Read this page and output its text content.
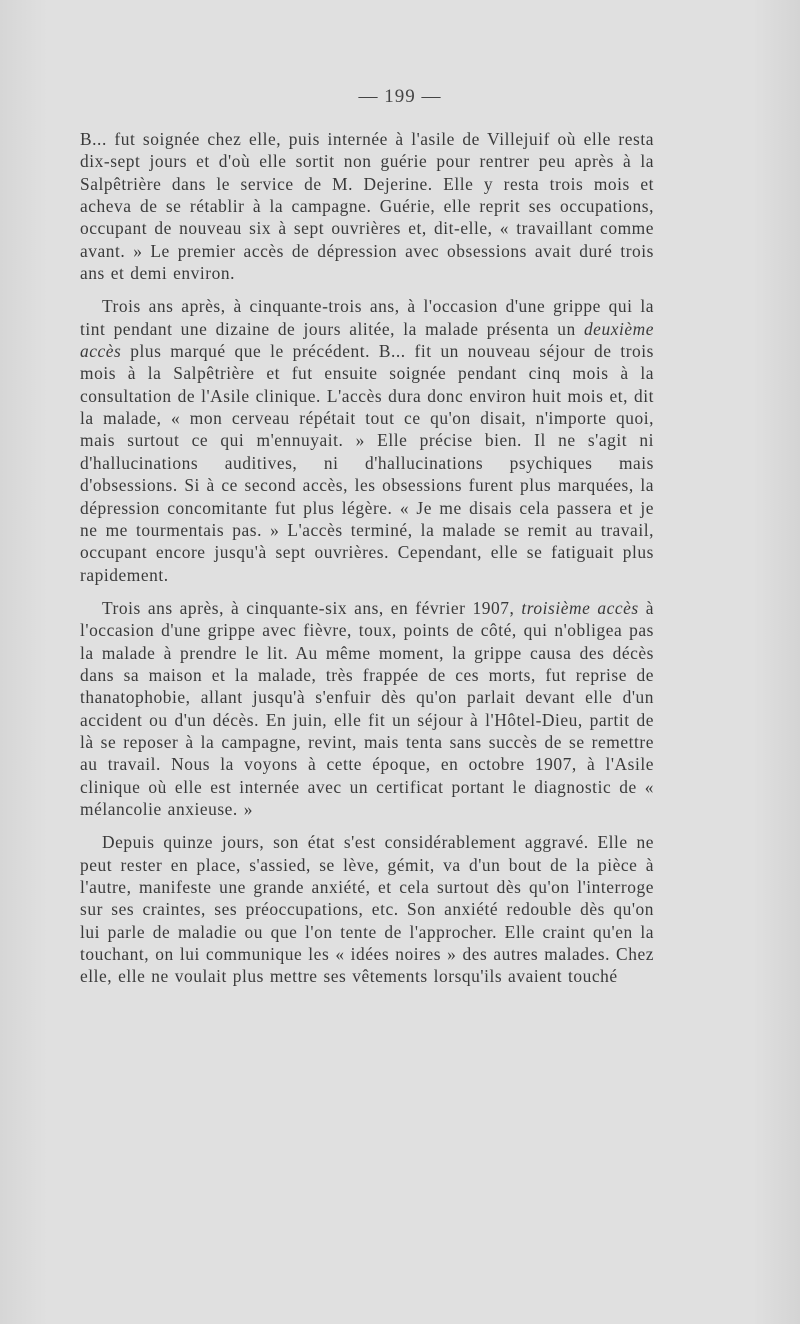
— 199 —

B... fut soignée chez elle, puis internée à l'asile de Villejuif où elle resta dix-sept jours et d'où elle sortit non guérie pour rentrer peu après à la Salpêtrière dans le service de M. Dejerine. Elle y resta trois mois et acheva de se rétablir à la campagne. Guérie, elle reprit ses occupations, occupant de nouveau six à sept ouvrières et, dit-elle, « travaillant comme avant. » Le premier accès de dépression avec obsessions avait duré trois ans et demi environ.

Trois ans après, à cinquante-trois ans, à l'occasion d'une grippe qui la tint pendant une dizaine de jours alitée, la malade présenta un deuxième accès plus marqué que le précédent. B... fit un nouveau séjour de trois mois à la Salpêtrière et fut ensuite soignée pendant cinq mois à la consultation de l'Asile clinique. L'accès dura donc environ huit mois et, dit la malade, « mon cerveau répétait tout ce qu'on disait, n'importe quoi, mais surtout ce qui m'ennuyait. » Elle précise bien. Il ne s'agit ni d'hallucinations auditives, ni d'hallucinations psychiques mais d'obsessions. Si à ce second accès, les obsessions furent plus marquées, la dépression concomitante fut plus légère. « Je me disais cela passera et je ne me tourmentais pas. » L'accès terminé, la malade se remit au travail, occupant encore jusqu'à sept ouvrières. Cependant, elle se fatiguait plus rapidement.

Trois ans après, à cinquante-six ans, en février 1907, troisième accès à l'occasion d'une grippe avec fièvre, toux, points de côté, qui n'obligea pas la malade à prendre le lit. Au même moment, la grippe causa des décès dans sa maison et la malade, très frappée de ces morts, fut reprise de thanatophobie, allant jusqu'à s'enfuir dès qu'on parlait devant elle d'un accident ou d'un décès. En juin, elle fit un séjour à l'Hôtel-Dieu, partit de là se reposer à la campagne, revint, mais tenta sans succès de se remettre au travail. Nous la voyons à cette époque, en octobre 1907, à l'Asile clinique où elle est internée avec un certificat portant le diagnostic de « mélancolie anxieuse. »

Depuis quinze jours, son état s'est considérablement aggravé. Elle ne peut rester en place, s'assied, se lève, gémit, va d'un bout de la pièce à l'autre, manifeste une grande anxiété, et cela surtout dès qu'on l'interroge sur ses craintes, ses préoccupations, etc. Son anxiété redouble dès qu'on lui parle de maladie ou que l'on tente de l'approcher. Elle craint qu'en la touchant, on lui communique les « idées noires » des autres malades. Chez elle, elle ne voulait plus mettre ses vêtements lorsqu'ils avaient touché
